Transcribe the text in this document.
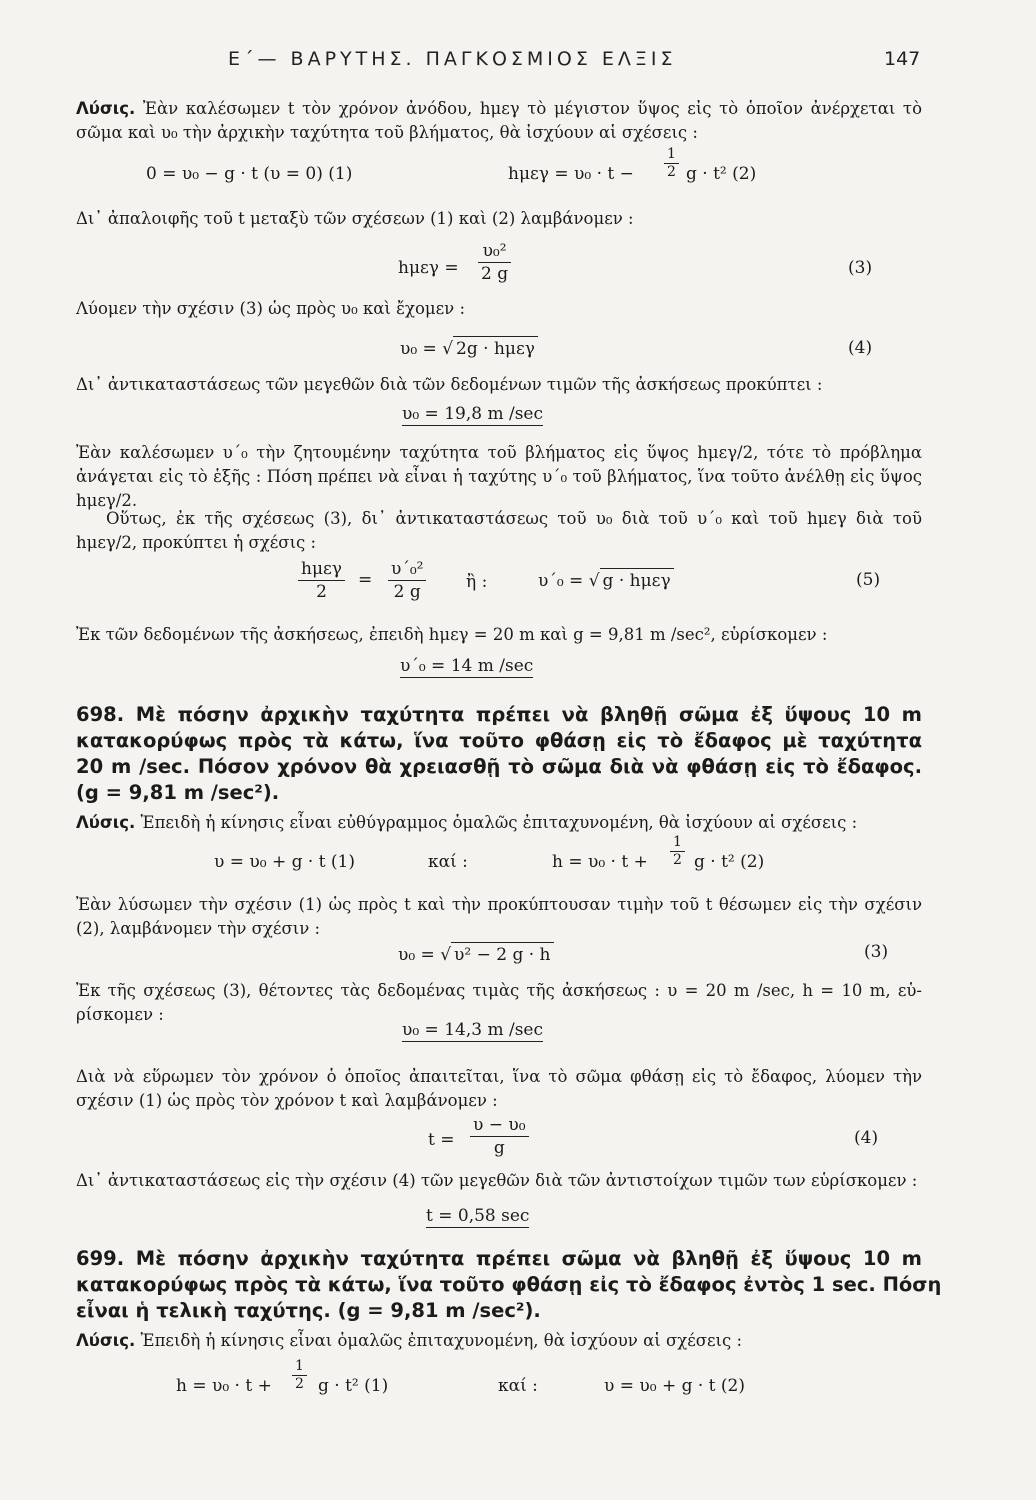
Ε΄— ΒΑΡΥΤΗΣ. ΠΑΓΚΟΣΜΙΟΣ ΕΛΞΙΣ	147
Λύσις. Ἐὰν καλέσωμεν t τὸν χρόνον ἀνόδου, hμεγ τὸ μέγιστον ὕψος εἰς τὸ ὁποῖον ἀνέρχεται τὸ
σῶμα καὶ υ₀ τὴν ἀρχικὴν ταχύτητα τοῦ βλήματος, θὰ ἰσχύουν αἱ σχέσεις :
0 = υ₀ − g · t (υ = 0) (1)	$h\mu\varepsilon\gamma = \upsilon_0 \cdot t - \frac{1}{2}$ g · t² (2)
Δι᾽ ἀπαλοιφῆς τοῦ t μεταξὺ τῶν σχέσεων (1) καὶ (2) λαμβάνομεν :
$h\mu\varepsilon\gamma = \frac{\text{υ₀²}}{2 g}$	(3)
Λύομεν τὴν σχέσιν (3) ὡς πρὸς υ₀ καὶ ἔχομεν :
υ₀ = √ 2g · hμεγ	(4)
Δι᾽ ἀντικαταστάσεως τῶν μεγεθῶν διὰ τῶν δεδομένων τιμῶν τῆς ἀσκήσεως προκύπτει :
υ₀ = 19,8 m /sec
Ἐὰν καλέσωμεν υ΄₀ τὴν ζητουμένην ταχύτητα τοῦ βλήματος εἰς ὕψος hμεγ/2, τότε τὸ πρόβλημα
ἀνάγεται εἰς τὸ ἑξῆς : Πόση πρέπει νὰ εἶναι ἡ ταχύτης υ΄₀ τοῦ βλήματος, ἵνα τοῦτο ἀνέλθῃ εἰς ὕψος
hμεγ/2.
Οὕτως, ἐκ τῆς σχέσεως (3), δι᾽ ἀντικαταστάσεως τοῦ υ₀ διὰ τοῦ υ΄₀ καὶ τοῦ hμεγ διὰ τοῦ
hμεγ/2, προκύπτει ἡ σχέσις :
hμεγ
2
= $\frac{\text{υ΄₀²}}{2 g}$ ἢ :	υ΄₀ = √ g · hμεγ	(5)
Ἐκ τῶν δεδομένων τῆς ἀσκήσεως, ἐπειδὴ hμεγ = 20 m καὶ g = 9,81 m /sec², εὑρίσκομεν :
υ΄₀ = 14 m /sec
698. Μὲ πόσην ἀρχικὴν ταχύτητα πρέπει νὰ βληθῇ σῶμα ἐξ ὕψους 10 m
κατακορύφως πρὸς τὰ κάτω, ἵνα τοῦτο φθάσῃ εἰς τὸ ἔδαφος μὲ ταχύτητα
20 m /sec. Πόσον χρόνον θὰ χρειασθῇ τὸ σῶμα διὰ νὰ φθάσῃ εἰς τὸ ἔδαφος.
(g = 9,81 m /sec²).
Λύσις. Ἐπειδὴ ἡ κίνησις εἶναι εὐθύγραμμος ὁμαλῶς ἐπιταχυνομένη, θὰ ἰσχύουν αἱ σχέσεις :
υ = υ₀ + g · t (1)	καί :	$h = \upsilon_0 \cdot t + \frac{1}{2}$ g · t² (2)
Ἐὰν λύσωμεν τὴν σχέσιν (1) ὡς πρὸς t καὶ τὴν προκύπτουσαν τιμὴν τοῦ t θέσωμεν εἰς τὴν σχέσιν
(2), λαμβάνομεν τὴν σχέσιν :
υ₀ = √ υ² − 2 g · h	(3)
Ἐκ τῆς σχέσεως (3), θέτοντες τὰς δεδομένας τιμὰς τῆς ἀσκήσεως : υ = 20 m /sec, h = 10 m, εὑ-
ρίσκομεν :
υ₀ = 14,3 m /sec
Διὰ νὰ εὕρωμεν τὸν χρόνον ὁ ὁποῖος ἀπαιτεῖται, ἵνα τὸ σῶμα φθάσῃ εἰς τὸ ἔδαφος, λύομεν τὴν
σχέσιν (1) ὡς πρὸς τὸν χρόνον t καὶ λαμβάνομεν :
$t = \frac{\text{υ − υ₀}}{g}$	(4)
Δι᾽ ἀντικαταστάσεως εἰς τὴν σχέσιν (4) τῶν μεγεθῶν διὰ τῶν ἀντιστοίχων τιμῶν των εὑρίσκομεν :
t = 0,58 sec
699. Μὲ πόσην ἀρχικὴν ταχύτητα πρέπει σῶμα νὰ βληθῇ ἐξ ὕψους 10 m
κατακορύφως πρὸς τὰ κάτω, ἵνα τοῦτο φθάσῃ εἰς τὸ ἔδαφος ἐντὸς 1 sec. Πόση
εἶναι ἡ τελικὴ ταχύτης. (g = 9,81 m /sec²).
Λύσις. Ἐπειδὴ ἡ κίνησις εἶναι ὁμαλῶς ἐπιταχυνομένη, θὰ ἰσχύουν αἱ σχέσεις :
$h = \upsilon_0 \cdot t + \frac{1}{2}$ g · t² (1)	καί :	υ = υ₀ + g · t (2)
